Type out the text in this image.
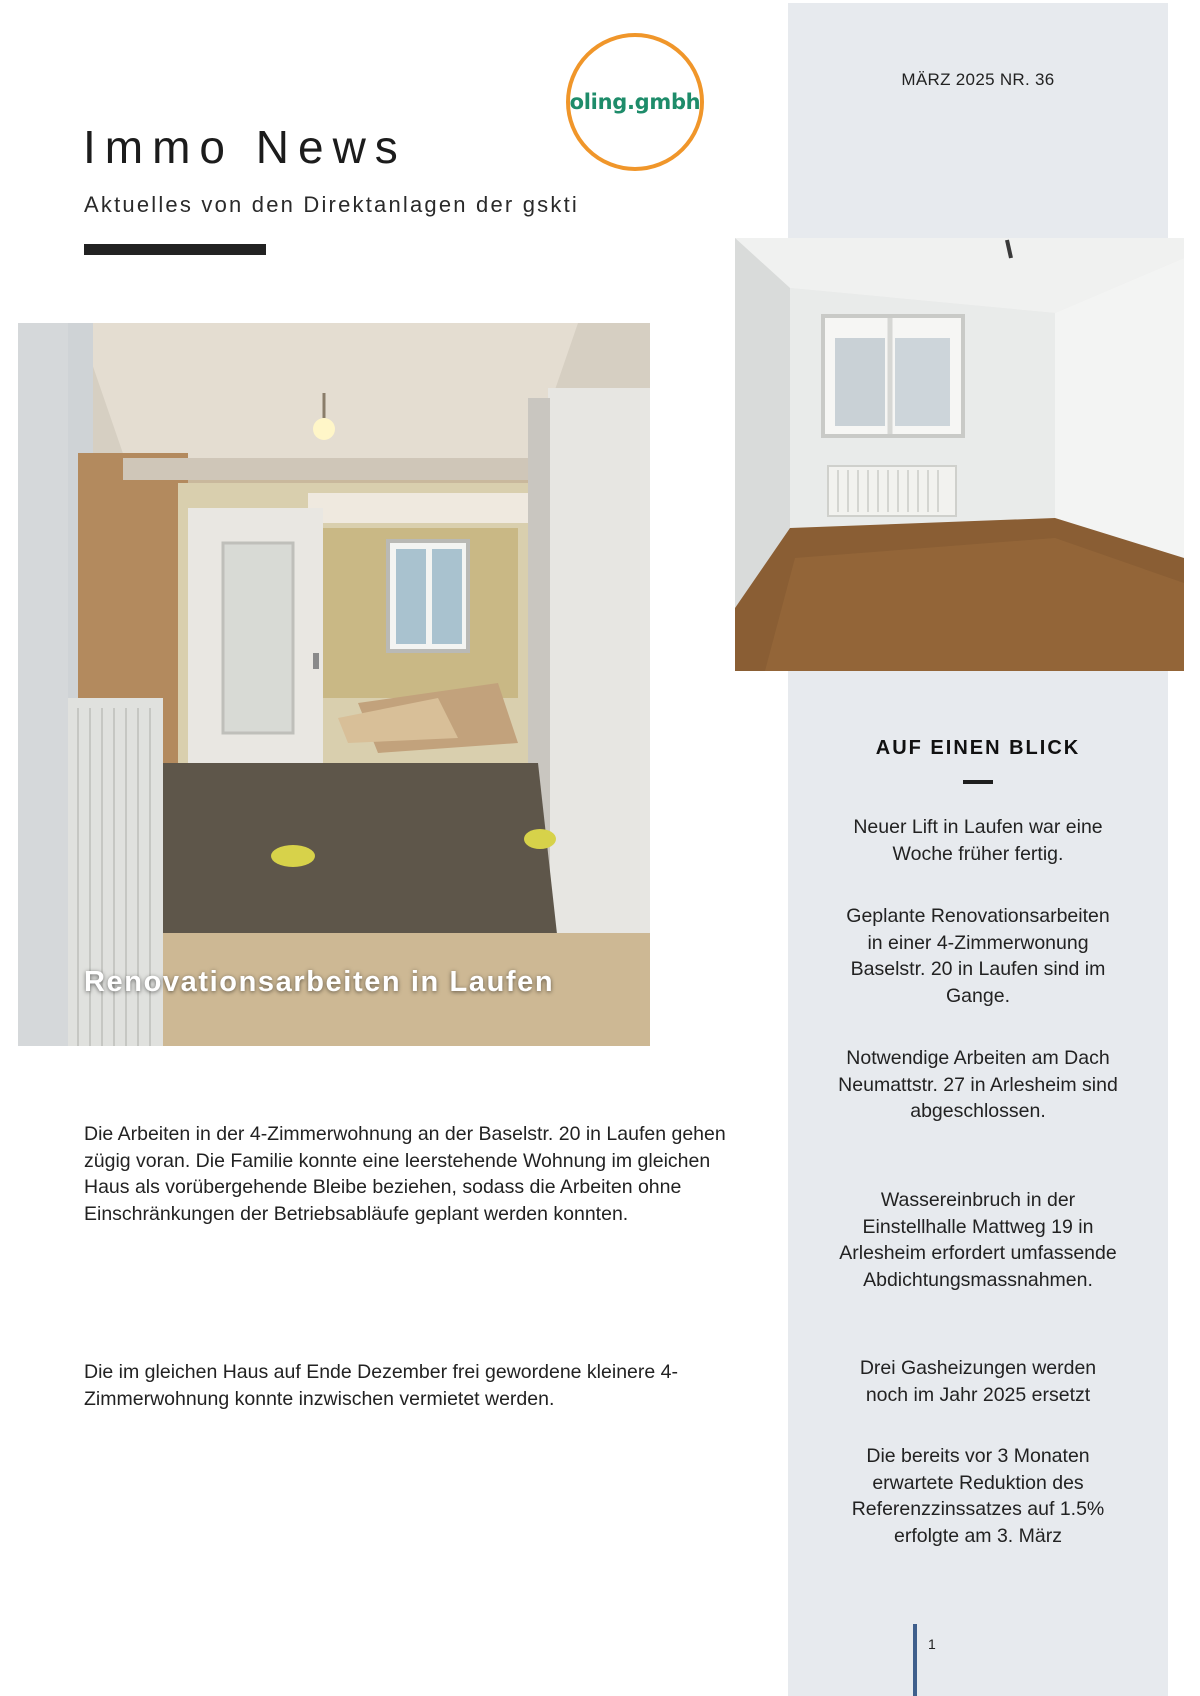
MÄRZ 2025 NR. 36
oling.gmbh
Immo News
Aktuelles von den Direktanlagen der gskti
Renovationsarbeiten in Laufen
Die Arbeiten in der 4-Zimmerwohnung an der Baselstr. 20 in Laufen gehen zügig voran. Die Familie konnte eine leerstehende Wohnung im gleichen Haus als vorübergehende Bleibe beziehen, sodass die Arbeiten ohne Einschränkungen der Betriebsabläufe geplant werden konnten.
Die im gleichen Haus auf Ende Dezember frei gewordene kleinere 4-Zimmerwohnung konnte inzwischen vermietet werden.
AUF EINEN BLICK
Neuer Lift in Laufen war eine Woche früher fertig.
Geplante Renovationsarbeiten in einer 4-Zimmerwonung Baselstr. 20 in Laufen sind im Gange.
Notwendige Arbeiten am Dach Neumattstr. 27 in Arlesheim sind abgeschlossen.
Wassereinbruch in der Einstellhalle Mattweg 19 in Arlesheim erfordert umfassende Abdichtungsmassnahmen.
Drei Gasheizungen werden noch im Jahr 2025 ersetzt
Die bereits vor 3 Monaten erwartete Reduktion des Referenzzinssatzes auf 1.5% erfolgte am 3. März
1
